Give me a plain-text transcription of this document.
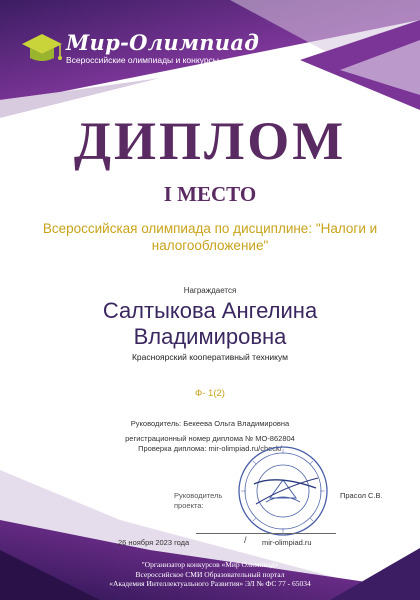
Мир-Олимпиад
Всероссийские олимпиады и конкурсы
ДИПЛОМ
I МЕСТО
Всероссийская олимпиада по дисциплине: "Налоги и налогообложение"
Награждается
Салтыкова Ангелина
Владимировна
Красноярский кооперативный техникум
Ф- 1(2)
Руководитель: Бекеева Ольга Владимировна
регистрационный номер диплома № МО-862804
Проверка диплома: mir-olimpiad.ru/check/
Руководитель проекта:
Прасол С.В.
/
26 ноября 2023 года	mir-olimpiad.ru
"Организатор конкурсов «Мир Олимпиад»
Всероссийское СМИ Образовательный портал
«Академия Интеллектуального Развития» ЭЛ № ФС 77 - 65034
